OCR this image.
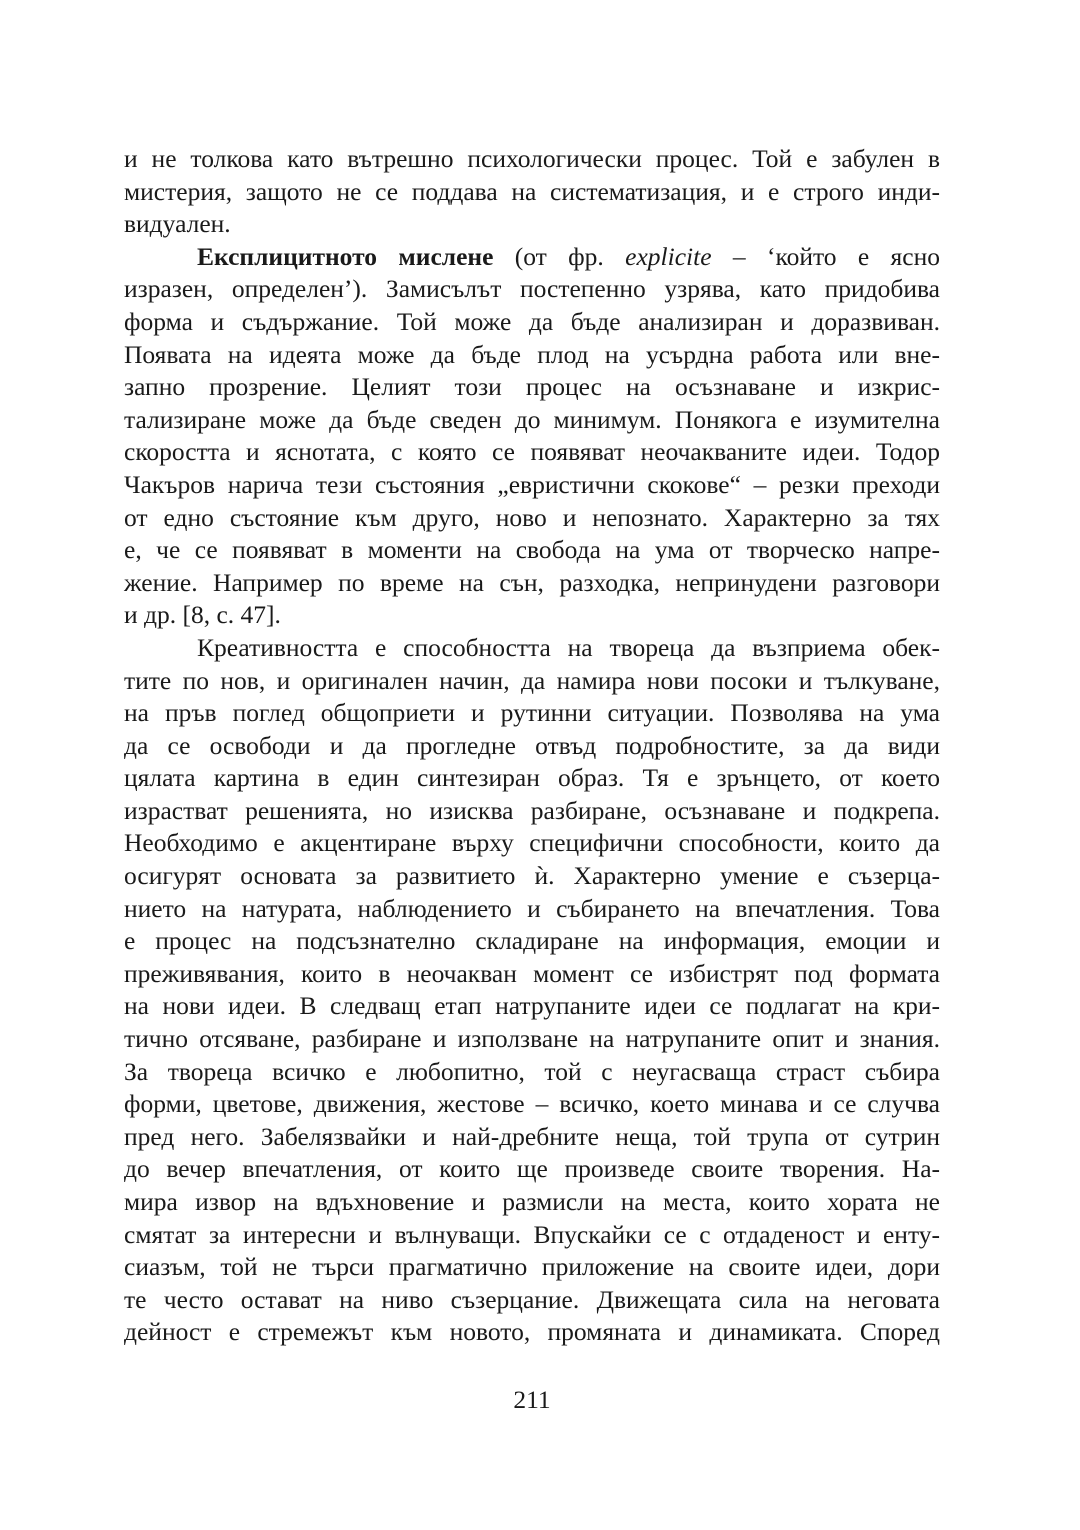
и не толкова като вътрешно психологически процес. Той е забулен в
мистерия, защото не се поддава на систематизация, и е строго инди-
видуален.
Експлицитното мислене (от фр. explicite – ‘който е ясно
изразен, определен’). Замисълът постепенно узрява, като придобива
форма и съдържание. Той може да бъде анализиран и доразвиван.
Появата на идеята може да бъде плод на усърдна работа или вне-
запно прозрение. Целият този процес на осъзнаване и изкрис-
тализиране може да бъде сведен до минимум. Понякога е изумителна
скоростта и яснотата, с която се появяват неочакваните идеи. Тодор
Чакъров нарича тези състояния „евристични скокове“ – резки преходи
от едно състояние към друго, ново и непознато. Характерно за тях
е, че се появяват в моменти на свобода на ума от творческо напре-
жение. Например по време на сън, разходка, непринудени разговори
и др. [8, с. 47].
Креативността е способността на твореца да възприема обек-
тите по нов, и оригинален начин, да намира нови посоки и тълкуване,
на пръв поглед общоприети и рутинни ситуации. Позволява на ума
да се освободи и да прогледне отвъд подробностите, за да види
цялата картина в един синтезиран образ. Тя е зрънцето, от което
израстват решенията, но изисква разбиране, осъзнаване и подкрепа.
Необходимо е акцентиране върху специфични способности, които да
осигурят основата за развитието ѝ. Характерно умение е съзерца-
нието на натурата, наблюдението и събирането на впечатления. Това
е процес на подсъзнателно складиране на информация, емоции и
преживявания, които в неочакван момент се избистрят под формата
на нови идеи. В следващ етап натрупаните идеи се подлагат на кри-
тично отсяване, разбиране и използване на натрупаните опит и знания.
За твореца всичко е любопитно, той с неугасваща страст събира
форми, цветове, движения, жестове – всичко, което минава и се случва
пред него. Забелязвайки и най-дребните неща, той трупа от сутрин
до вечер впечатления, от които ще произведе своите творения. На-
мира извор на вдъхновение и размисли на места, които хората не
смятат за интересни и вълнуващи. Впускайки се с отдаденост и енту-
сиазъм, той не търси прагматично приложение на своите идеи, дори
те често остават на ниво съзерцание. Движещата сила на неговата
дейност е стремежът към новото, промяната и динамиката. Според
211
